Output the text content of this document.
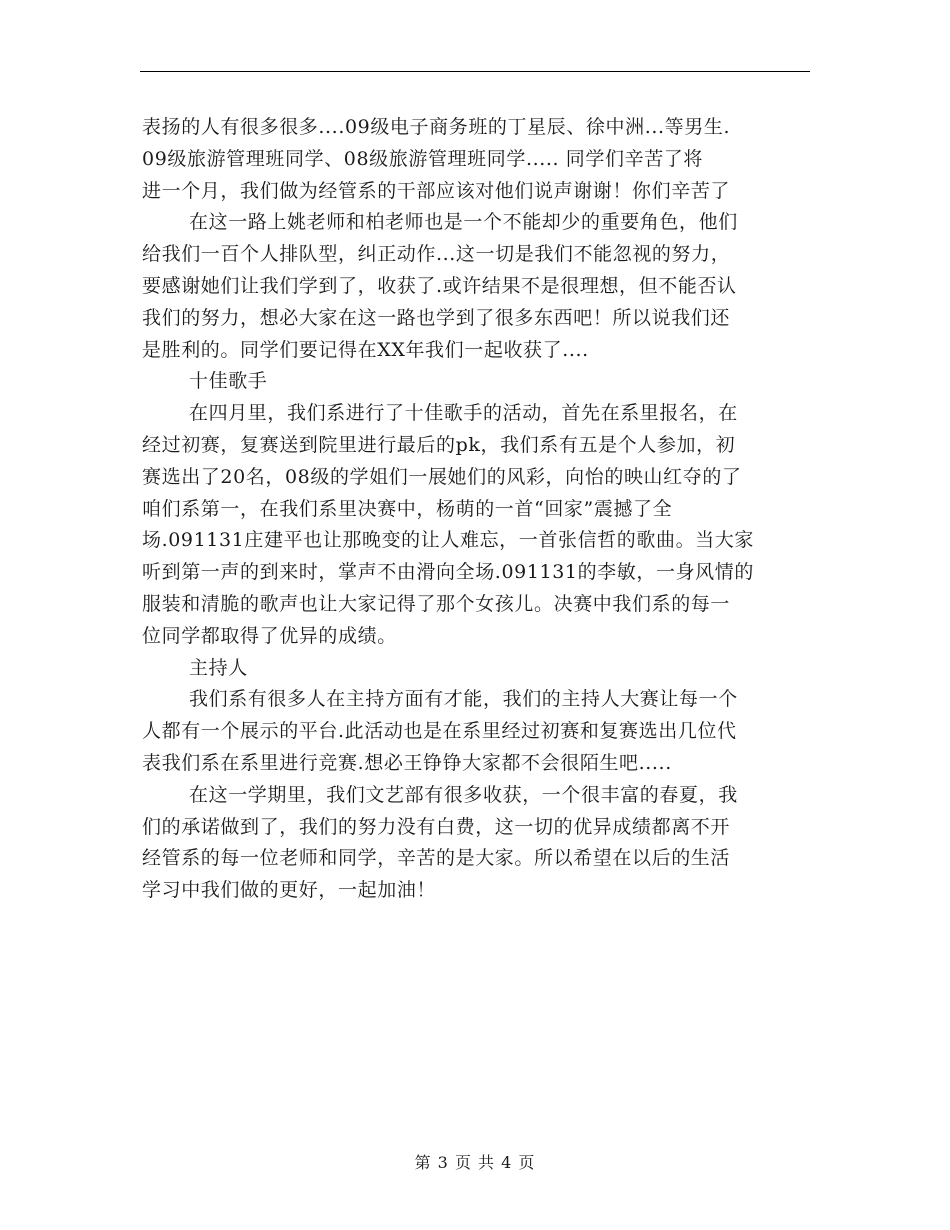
表扬的人有很多很多....09级电子商务班的丁星辰、徐中洲...等男生.
09级旅游管理班同学、08级旅游管理班同学..... 同学们辛苦了将
进一个月，我们做为经管系的干部应该对他们说声谢谢！你们辛苦了
在这一路上姚老师和柏老师也是一个不能却少的重要角色，他们
给我们一百个人排队型，纠正动作...这一切是我们不能忽视的努力，
要感谢她们让我们学到了，收获了.或许结果不是很理想，但不能否认
我们的努力，想必大家在这一路也学到了很多东西吧！所以说我们还
是胜利的。同学们要记得在XX年我们一起收获了....
十佳歌手
在四月里，我们系进行了十佳歌手的活动，首先在系里报名，在
经过初赛，复赛送到院里进行最后的pk，我们系有五是个人参加，初
赛选出了20名，08级的学姐们一展她们的风彩，向怡的映山红夺的了
咱们系第一，在我们系里决赛中，杨萌的一首“回家”震撼了全
场.091131庄建平也让那晚变的让人难忘，一首张信哲的歌曲。当大家
听到第一声的到来时，掌声不由滑向全场.091131的李敏，一身风情的
服装和清脆的歌声也让大家记得了那个女孩儿。决赛中我们系的每一
位同学都取得了优异的成绩。
主持人
我们系有很多人在主持方面有才能，我们的主持人大赛让每一个
人都有一个展示的平台.此活动也是在系里经过初赛和复赛选出几位代
表我们系在系里进行竞赛.想必王铮铮大家都不会很陌生吧.....
在这一学期里，我们文艺部有很多收获，一个很丰富的春夏，我
们的承诺做到了，我们的努力没有白费，这一切的优异成绩都离不开
经管系的每一位老师和同学，辛苦的是大家。所以希望在以后的生活
学习中我们做的更好，一起加油！
第 3 页 共 4 页
